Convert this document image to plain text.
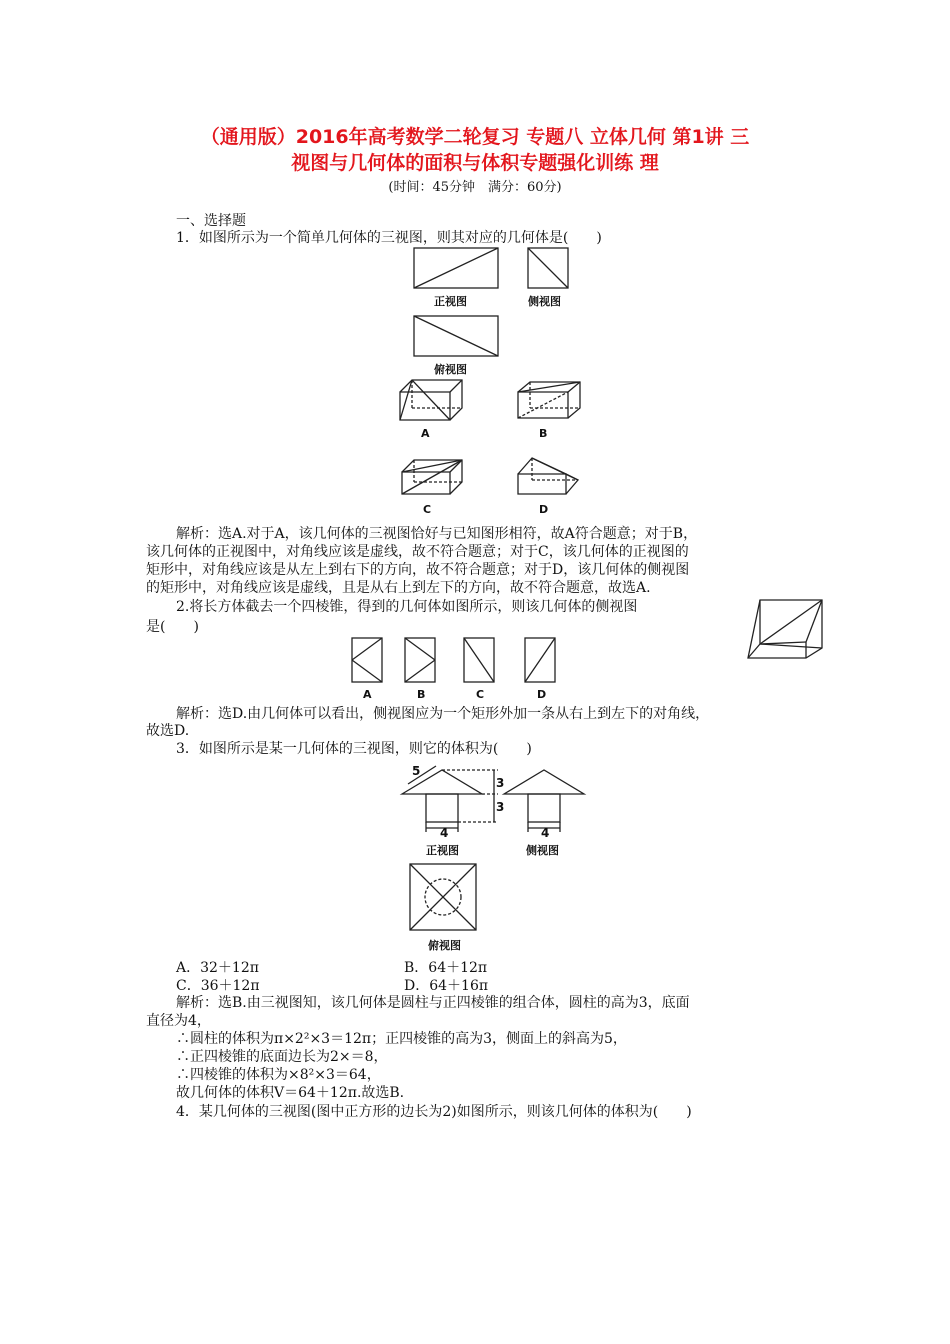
（通用版）2016年高考数学二轮复习 专题八 立体几何 第1讲 三
视图与几何体的面积与体积专题强化训练 理
(时间：45分钟　满分：60分)
一、选择题
1．如图所示为一个简单几何体的三视图，则其对应的几何体是(　　)
正视图	侧视图
俯视图
A	B
C	D
解析：选A.对于A，该几何体的三视图恰好与已知图形相符，故A符合题意；对于B，
该几何体的正视图中，对角线应该是虚线，故不符合题意；对于C，该几何体的正视图的
矩形中，对角线应该是从左上到右下的方向，故不符合题意；对于D，该几何体的侧视图
的矩形中，对角线应该是虚线，且是从右上到左下的方向，故不符合题意，故选A.
2.将长方体截去一个四棱锥，得到的几何体如图所示，则该几何体的侧视图
是(　　)
A	B	C	D
解析：选D.由几何体可以看出，侧视图应为一个矩形外加一条从右上到左下的对角线，
故选D.
3．如图所示是某一几何体的三视图，则它的体积为(　　)
5
3
3
4
正视图
4
侧视图
俯视图
A．32＋12π	B．64＋12π
C．36＋12π	D．64＋16π
解析：选B.由三视图知，该几何体是圆柱与正四棱锥的组合体，圆柱的高为3，底面
直径为4，
∴圆柱的体积为π×2²×3＝12π；正四棱锥的高为3，侧面上的斜高为5，
∴正四棱锥的底面边长为2×＝8，
∴四棱锥的体积为×8²×3＝64，
故几何体的体积V＝64＋12π.故选B.
4．某几何体的三视图(图中正方形的边长为2)如图所示，则该几何体的体积为(　　)
